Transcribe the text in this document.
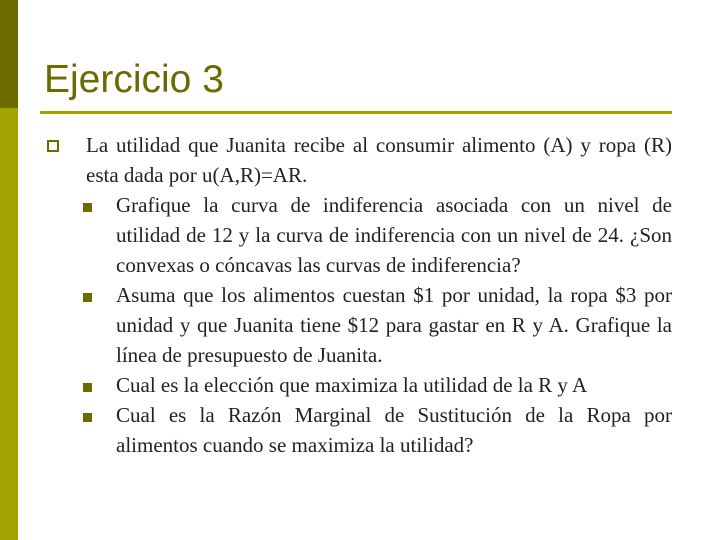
Ejercicio 3
La utilidad que Juanita recibe al consumir alimento (A) y ropa (R) esta dada por u(A,R)=AR.
Grafique la curva de indiferencia asociada con un nivel de utilidad de 12 y la curva de indiferencia con un nivel de 24. ¿Son convexas o cóncavas las curvas de indiferencia?
Asuma que los alimentos cuestan $1 por unidad, la ropa $3 por unidad y que Juanita tiene $12 para gastar en R y A. Grafique la línea de presupuesto de Juanita.
Cual es la elección que maximiza la utilidad de la R y A
Cual es la Razón Marginal de Sustitución de la Ropa por alimentos cuando se maximiza la utilidad?
